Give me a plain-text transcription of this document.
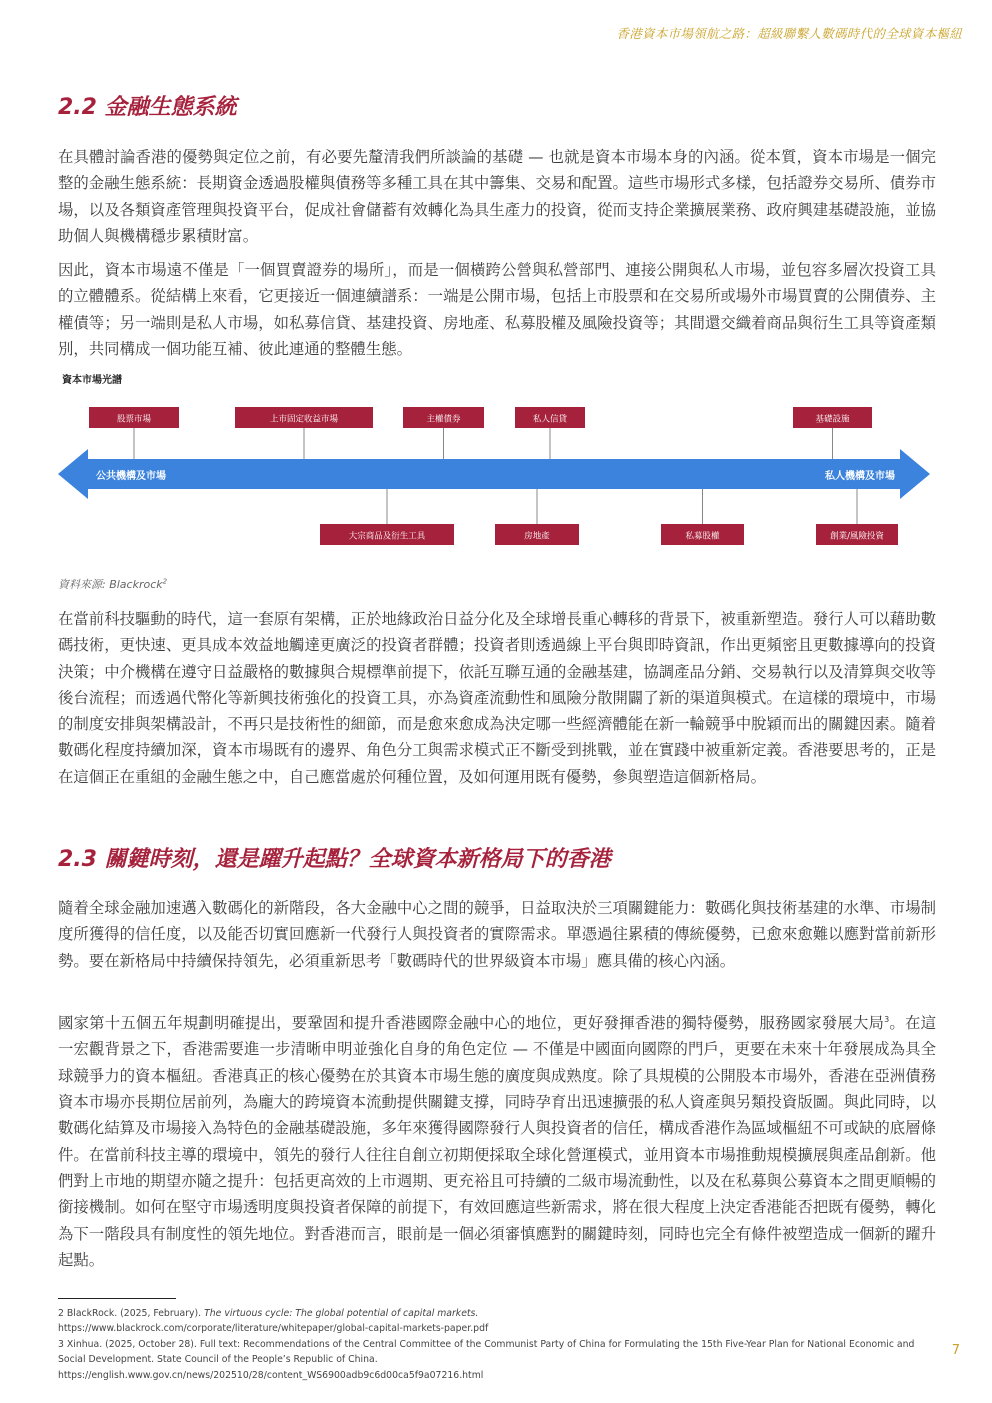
香港資本市場領航之路：超級聯繫人數碼時代的全球資本樞紐
2.2 金融生態系統

在具體討論香港的優勢與定位之前，有必要先釐清我們所談論的基礎 — 也就是資本市場本身的內涵。從本質，資本市場是一個完整的金融生態系統：長期資金透過股權與債務等多種工具在其中籌集、交易和配置。這些市場形式多樣，包括證券交易所、債券市場，以及各類資產管理與投資平台，促成社會儲蓄有效轉化為具生產力的投資，從而支持企業擴展業務、政府興建基礎設施，並協助個人與機構穩步累積財富。

因此，資本市場遠不僅是「一個買賣證券的場所」，而是一個橫跨公營與私營部門、連接公開與私人市場，並包容多層次投資工具的立體體系。從結構上來看，它更接近一個連續譜系：一端是公開市場，包括上市股票和在交易所或場外市場買賣的公開債券、主權債等；另一端則是私人市場，如私募信貸、基建投資、房地產、私募股權及風險投資等；其間還交織着商品與衍生工具等資產類別，共同構成一個功能互補、彼此連通的整體生態。

資本市場光譜
公共機構及市場	私人機構及市場
股票市場	上市固定收益市場	主權債券	私人信貸	基礎設施
大宗商品及衍生工具	房地產	私募股權	創業/風險投資
資料來源: Blackrock$^2$

在當前科技驅動的時代，這一套原有架構，正於地緣政治日益分化及全球增長重心轉移的背景下，被重新塑造。發行人可以藉助數碼技術，更快速、更具成本效益地觸達更廣泛的投資者群體；投資者則透過線上平台與即時資訊，作出更頻密且更數據導向的投資決策；中介機構在遵守日益嚴格的數據與合規標準前提下，依託互聯互通的金融基建，協調產品分銷、交易執行以及清算與交收等後台流程；而透過代幣化等新興技術強化的投資工具，亦為資產流動性和風險分散開闢了新的渠道與模式。在這樣的環境中，市場的制度安排與架構設計，不再只是技術性的細節，而是愈來愈成為決定哪一些經濟體能在新一輪競爭中脫穎而出的關鍵因素。隨着數碼化程度持續加深，資本市場既有的邊界、角色分工與需求模式正不斷受到挑戰，並在實踐中被重新定義。香港要思考的，正是在這個正在重組的金融生態之中，自己應當處於何種位置，及如何運用既有優勢，參與塑造這個新格局。

2.3 關鍵時刻，還是躍升起點？全球資本新格局下的香港

隨着全球金融加速邁入數碼化的新階段，各大金融中心之間的競爭，日益取決於三項關鍵能力：數碼化與技術基建的水準、市場制度所獲得的信任度，以及能否切實回應新一代發行人與投資者的實際需求。單憑過往累積的傳統優勢，已愈來愈難以應對當前新形勢。要在新格局中持續保持領先，必須重新思考「數碼時代的世界級資本市場」應具備的核心內涵。

國家第十五個五年規劃明確提出，要鞏固和提升香港國際金融中心的地位，更好發揮香港的獨特優勢，服務國家發展大局$^3$。在這一宏觀背景之下，香港需要進一步清晰申明並強化自身的角色定位 — 不僅是中國面向國際的門戶，更要在未來十年發展成為具全球競爭力的資本樞紐。香港真正的核心優勢在於其資本市場生態的廣度與成熟度。除了具規模的公開股本市場外，香港在亞洲債務資本市場亦長期位居前列，為龐大的跨境資本流動提供關鍵支撐，同時孕育出迅速擴張的私人資產與另類投資版圖。與此同時，以數碼化結算及市場接入為特色的金融基礎設施，多年來獲得國際發行人與投資者的信任，構成香港作為區域樞紐不可或缺的底層條件。在當前科技主導的環境中，領先的發行人往往自創立初期便採取全球化營運模式，並用資本市場推動規模擴展與產品創新。他們對上市地的期望亦隨之提升：包括更高效的上市週期、更充裕且可持續的二級市場流動性，以及在私募與公募資本之間更順暢的銜接機制。如何在堅守市場透明度與投資者保障的前提下，有效回應這些新需求，將在很大程度上決定香港能否把既有優勢，轉化為下一階段具有制度性的領先地位。對香港而言，眼前是一個必須審慎應對的關鍵時刻，同時也完全有條件被塑造成一個新的躍升起點。

2 BlackRock. (2025, February). The virtuous cycle: The global potential of capital markets.

https://www.blackrock.com/corporate/literature/whitepaper/global-capital-markets-paper.pdf

3 Xinhua. (2025, October 28). Full text: Recommendations of the Central Committee of the Communist Party of China for Formulating the 15th Five-Year Plan for National Economic and Social Development. State Council of the People’s Republic of China.

https://english.www.gov.cn/news/202510/28/content_WS6900adb9c6d00ca5f9a07216.html

7
